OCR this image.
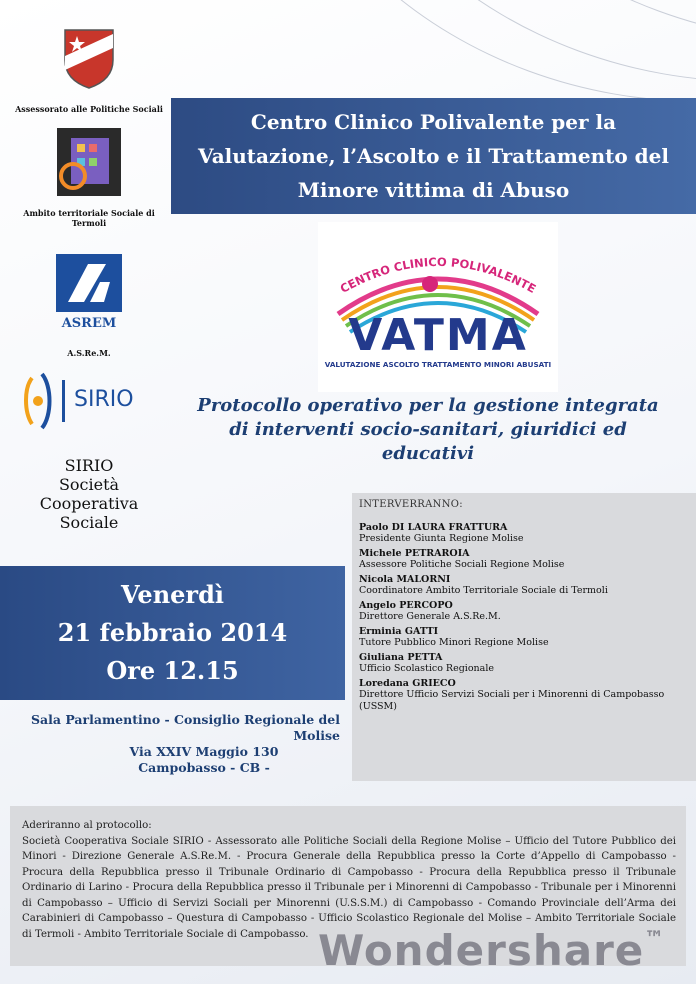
Assessorato alle Politiche Sociali
Ambito territoriale Sociale di Termoli
ASREM
A.S.Re.M.
SIRIO
SIRIO
Società Cooperativa Sociale
Centro Clinico Polivalente per la
Valutazione, l’Ascolto e il Trattamento del
Minore vittima di Abuso
CENTRO CLINICO POLIVALENTE
VATMA
VALUTAZIONE ASCOLTO TRATTAMENTO MINORI ABUSATI
Protocollo operativo per la gestione integrata
di interventi socio-sanitari, giuridici ed
educativi
Venerdì
21 febbraio 2014
Ore 12.15
Sala Parlamentino - Consiglio Regionale del Molise
Via XXIV Maggio 130
Campobasso - CB -
INTERVERRANNO:
Paolo DI LAURA FRATTURA
Presidente Giunta Regione Molise
Michele PETRAROIA
Assessore Politiche Sociali Regione Molise
Nicola MALORNI
Coordinatore Ambito Territoriale Sociale di Termoli
Angelo PERCOPO
Direttore Generale A.S.Re.M.
Erminia GATTI
Tutore Pubblico Minori Regione Molise
Giuliana PETTA
Ufficio Scolastico Regionale
Loredana GRIECO
Direttore Ufficio Servizi Sociali per i Minorenni di Campobasso (USSM)
Aderiranno al protocollo:
Società Cooperativa Sociale SIRIO - Assessorato alle Politiche Sociali della Regione Molise – Ufficio del Tutore Pubblico dei Minori - Direzione Generale A.S.Re.M. - Procura Generale della Repubblica presso la Corte d’Appello di Campobasso - Procura della Repubblica presso il Tribunale Ordinario di Campobasso - Procura della Repubblica presso il Tribunale Ordinario di Larino - Procura della Repubblica presso il Tribunale per i Minorenni di Campobasso - Tribunale per i Minorenni di Campobasso – Ufficio di Servizi Sociali per Minorenni (U.S.S.M.) di Campobasso - Comando Provinciale dell’Arma dei Carabinieri di Campobasso – Questura di Campobasso - Ufficio Scolastico Regionale del Molise – Ambito Territoriale Sociale di Termoli - Ambito Territoriale Sociale di Campobasso. Wondershare™
